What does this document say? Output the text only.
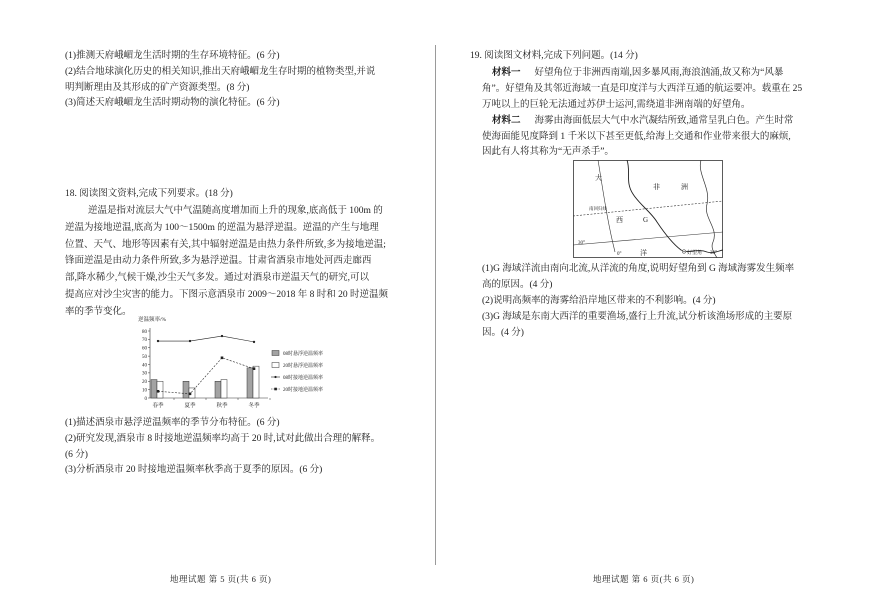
(1)推测天府峨嵋龙生活时期的生存环境特征。(6 分)
(2)结合地球演化历史的相关知识,推出天府峨嵋龙生存时期的植物类型,并说
明判断理由及其形成的矿产资源类型。(8 分)
(3)简述天府峨嵋龙生活时期动物的演化特征。(6 分)
18. 阅读图文资料,完成下列要求。(18 分)
逆温是指对流层大气中气温随高度增加而上升的现象,底高低于 100m 的
逆温为接地逆温,底高为 100～1500m 的逆温为悬浮逆温。逆温的产生与地理
位置、天气、地形等因素有关,其中辐射逆温是由热力条件所致,多为接地逆温;
锋面逆温是由动力条件所致,多为悬浮逆温。甘肃省酒泉市地处河西走廊西
部,降水稀少,气候干燥,沙尘天气多发。通过对酒泉市逆温天气的研究,可以
提高应对沙尘灾害的能力。下图示意酒泉市 2009～2018 年 8 时和 20 时逆温频
率的季节变化。
逆温频率/%
0
10
20
30
40
50
60
70
80
春季	夏季	秋季	冬季
08时悬浮逆温频率
20时悬浮逆温频率
08时接地逆温频率
20时接地逆温频率
(1)描述酒泉市悬浮逆温频率的季节分布特征。(6 分)
(2)研究发现,酒泉市 8 时接地逆温频率均高于 20 时,试对此做出合理的解释。
(6 分)
(3)分析酒泉市 20 时接地逆温频率秋季高于夏季的原因。(6 分)
地理试题 第 5 页(共 6 页)
19. 阅读图文材料,完成下列问题。(14 分)
材料一 好望角位于非洲西南端,因多暴风雨,海浪汹涌,故又称为“风暴
角”。好望角及其邻近海域一直是印度洋与大西洋互通的航运要冲。载重在 25
万吨以上的巨轮无法通过苏伊士运河,需绕道非洲南端的好望角。
材料二 海雾由海面低层大气中水汽凝结所致,通常呈乳白色。产生时常
使海面能见度降到 1 千米以下甚至更低,给海上交通和作业带来很大的麻烦,
因此有人将其称为“无声杀手”。
大
非	洲
南回归线
西	G
30°
0°	洋	好望角 30°
(1)G 海域洋流由南向北流,从洋流的角度,说明好望角到 G 海域海雾发生频率
高的原因。(4 分)
(2)说明高频率的海雾给沿岸地区带来的不利影响。(4 分)
(3)G 海域是东南大西洋的重要渔场,盛行上升流,试分析该渔场形成的主要原
因。(4 分)
地理试题 第 6 页(共 6 页)
